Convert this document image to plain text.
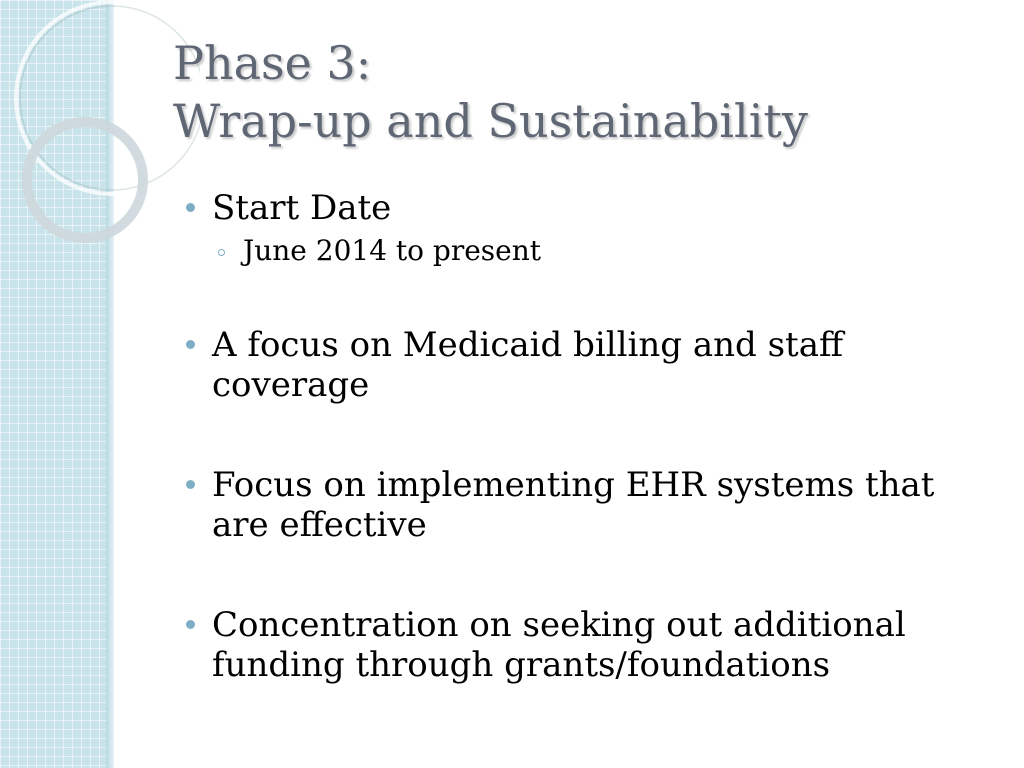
Phase 3:
Wrap-up and Sustainability
Start Date
June 2014 to present
A focus on Medicaid billing and staff coverage
Focus on implementing EHR systems that are effective
Concentration on seeking out additional funding through grants/foundations
